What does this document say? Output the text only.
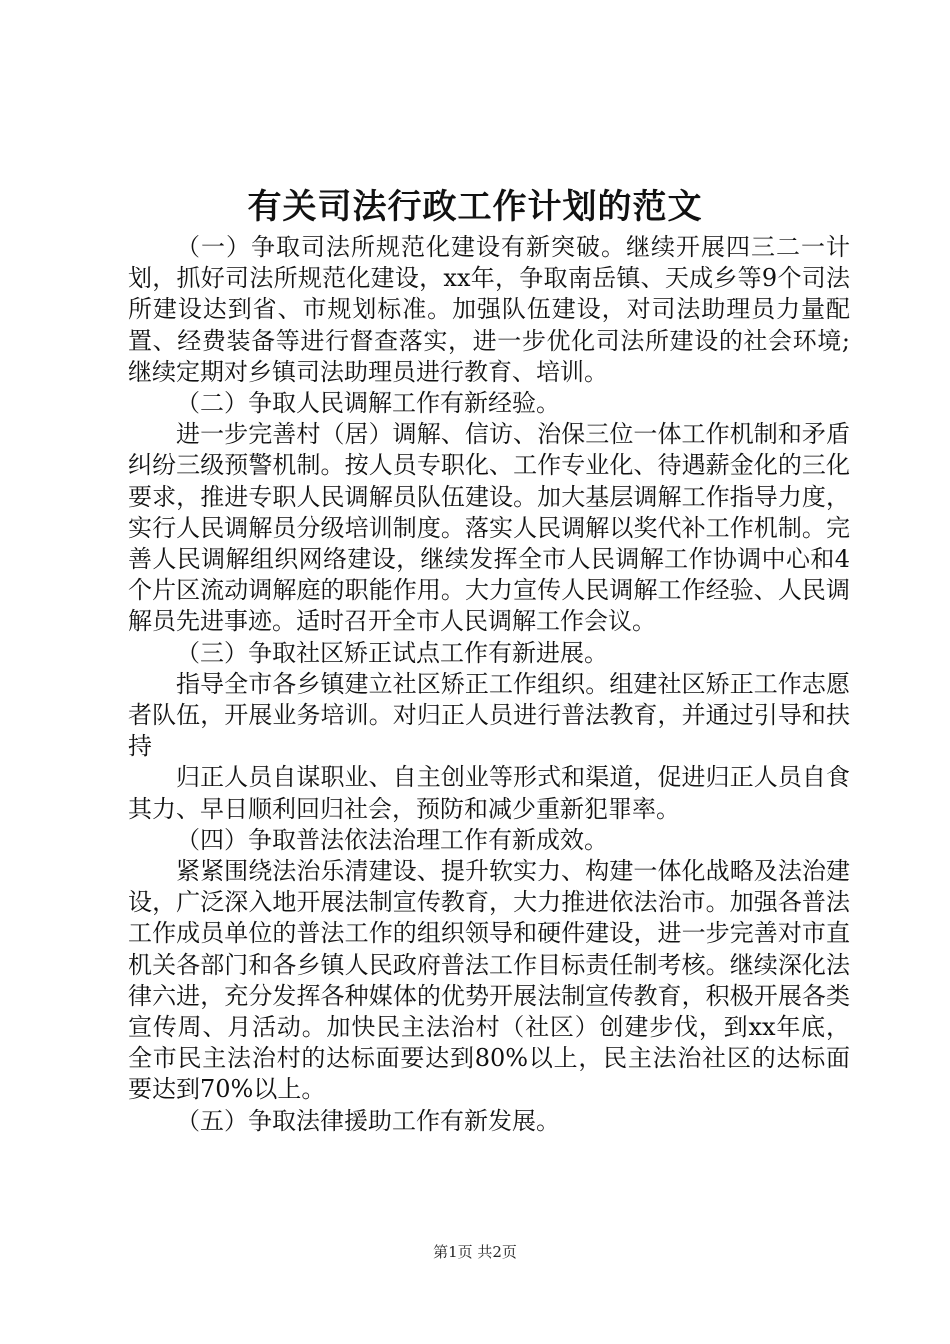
有关司法行政工作计划的范文

（一）争取司法所规范化建设有新突破。继续开展四三二一计划，抓好司法所规范化建设，xx年，争取南岳镇、天成乡等9个司法所建设达到省、市规划标准。加强队伍建设，对司法助理员力量配置、经费装备等进行督查落实，进一步优化司法所建设的社会环境;继续定期对乡镇司法助理员进行教育、培训。

（二）争取人民调解工作有新经验。

进一步完善村（居）调解、信访、治保三位一体工作机制和矛盾纠纷三级预警机制。按人员专职化、工作专业化、待遇薪金化的三化要求，推进专职人民调解员队伍建设。加大基层调解工作指导力度，实行人民调解员分级培训制度。落实人民调解以奖代补工作机制。完善人民调解组织网络建设，继续发挥全市人民调解工作协调中心和4个片区流动调解庭的职能作用。大力宣传人民调解工作经验、人民调解员先进事迹。适时召开全市人民调解工作会议。

（三）争取社区矫正试点工作有新进展。

指导全市各乡镇建立社区矫正工作组织。组建社区矫正工作志愿者队伍，开展业务培训。对归正人员进行普法教育，并通过引导和扶持

归正人员自谋职业、自主创业等形式和渠道，促进归正人员自食其力、早日顺利回归社会，预防和减少重新犯罪率。

（四）争取普法依法治理工作有新成效。

紧紧围绕法治乐清建设、提升软实力、构建一体化战略及法治建设，广泛深入地开展法制宣传教育，大力推进依法治市。加强各普法工作成员单位的普法工作的组织领导和硬件建设，进一步完善对市直机关各部门和各乡镇人民政府普法工作目标责任制考核。继续深化法律六进，充分发挥各种媒体的优势开展法制宣传教育，积极开展各类宣传周、月活动。加快民主法治村（社区）创建步伐，到xx年底，全市民主法治村的达标面要达到80%以上，民主法治社区的达标面要达到70%以上。

（五）争取法律援助工作有新发展。

第1页 共2页
